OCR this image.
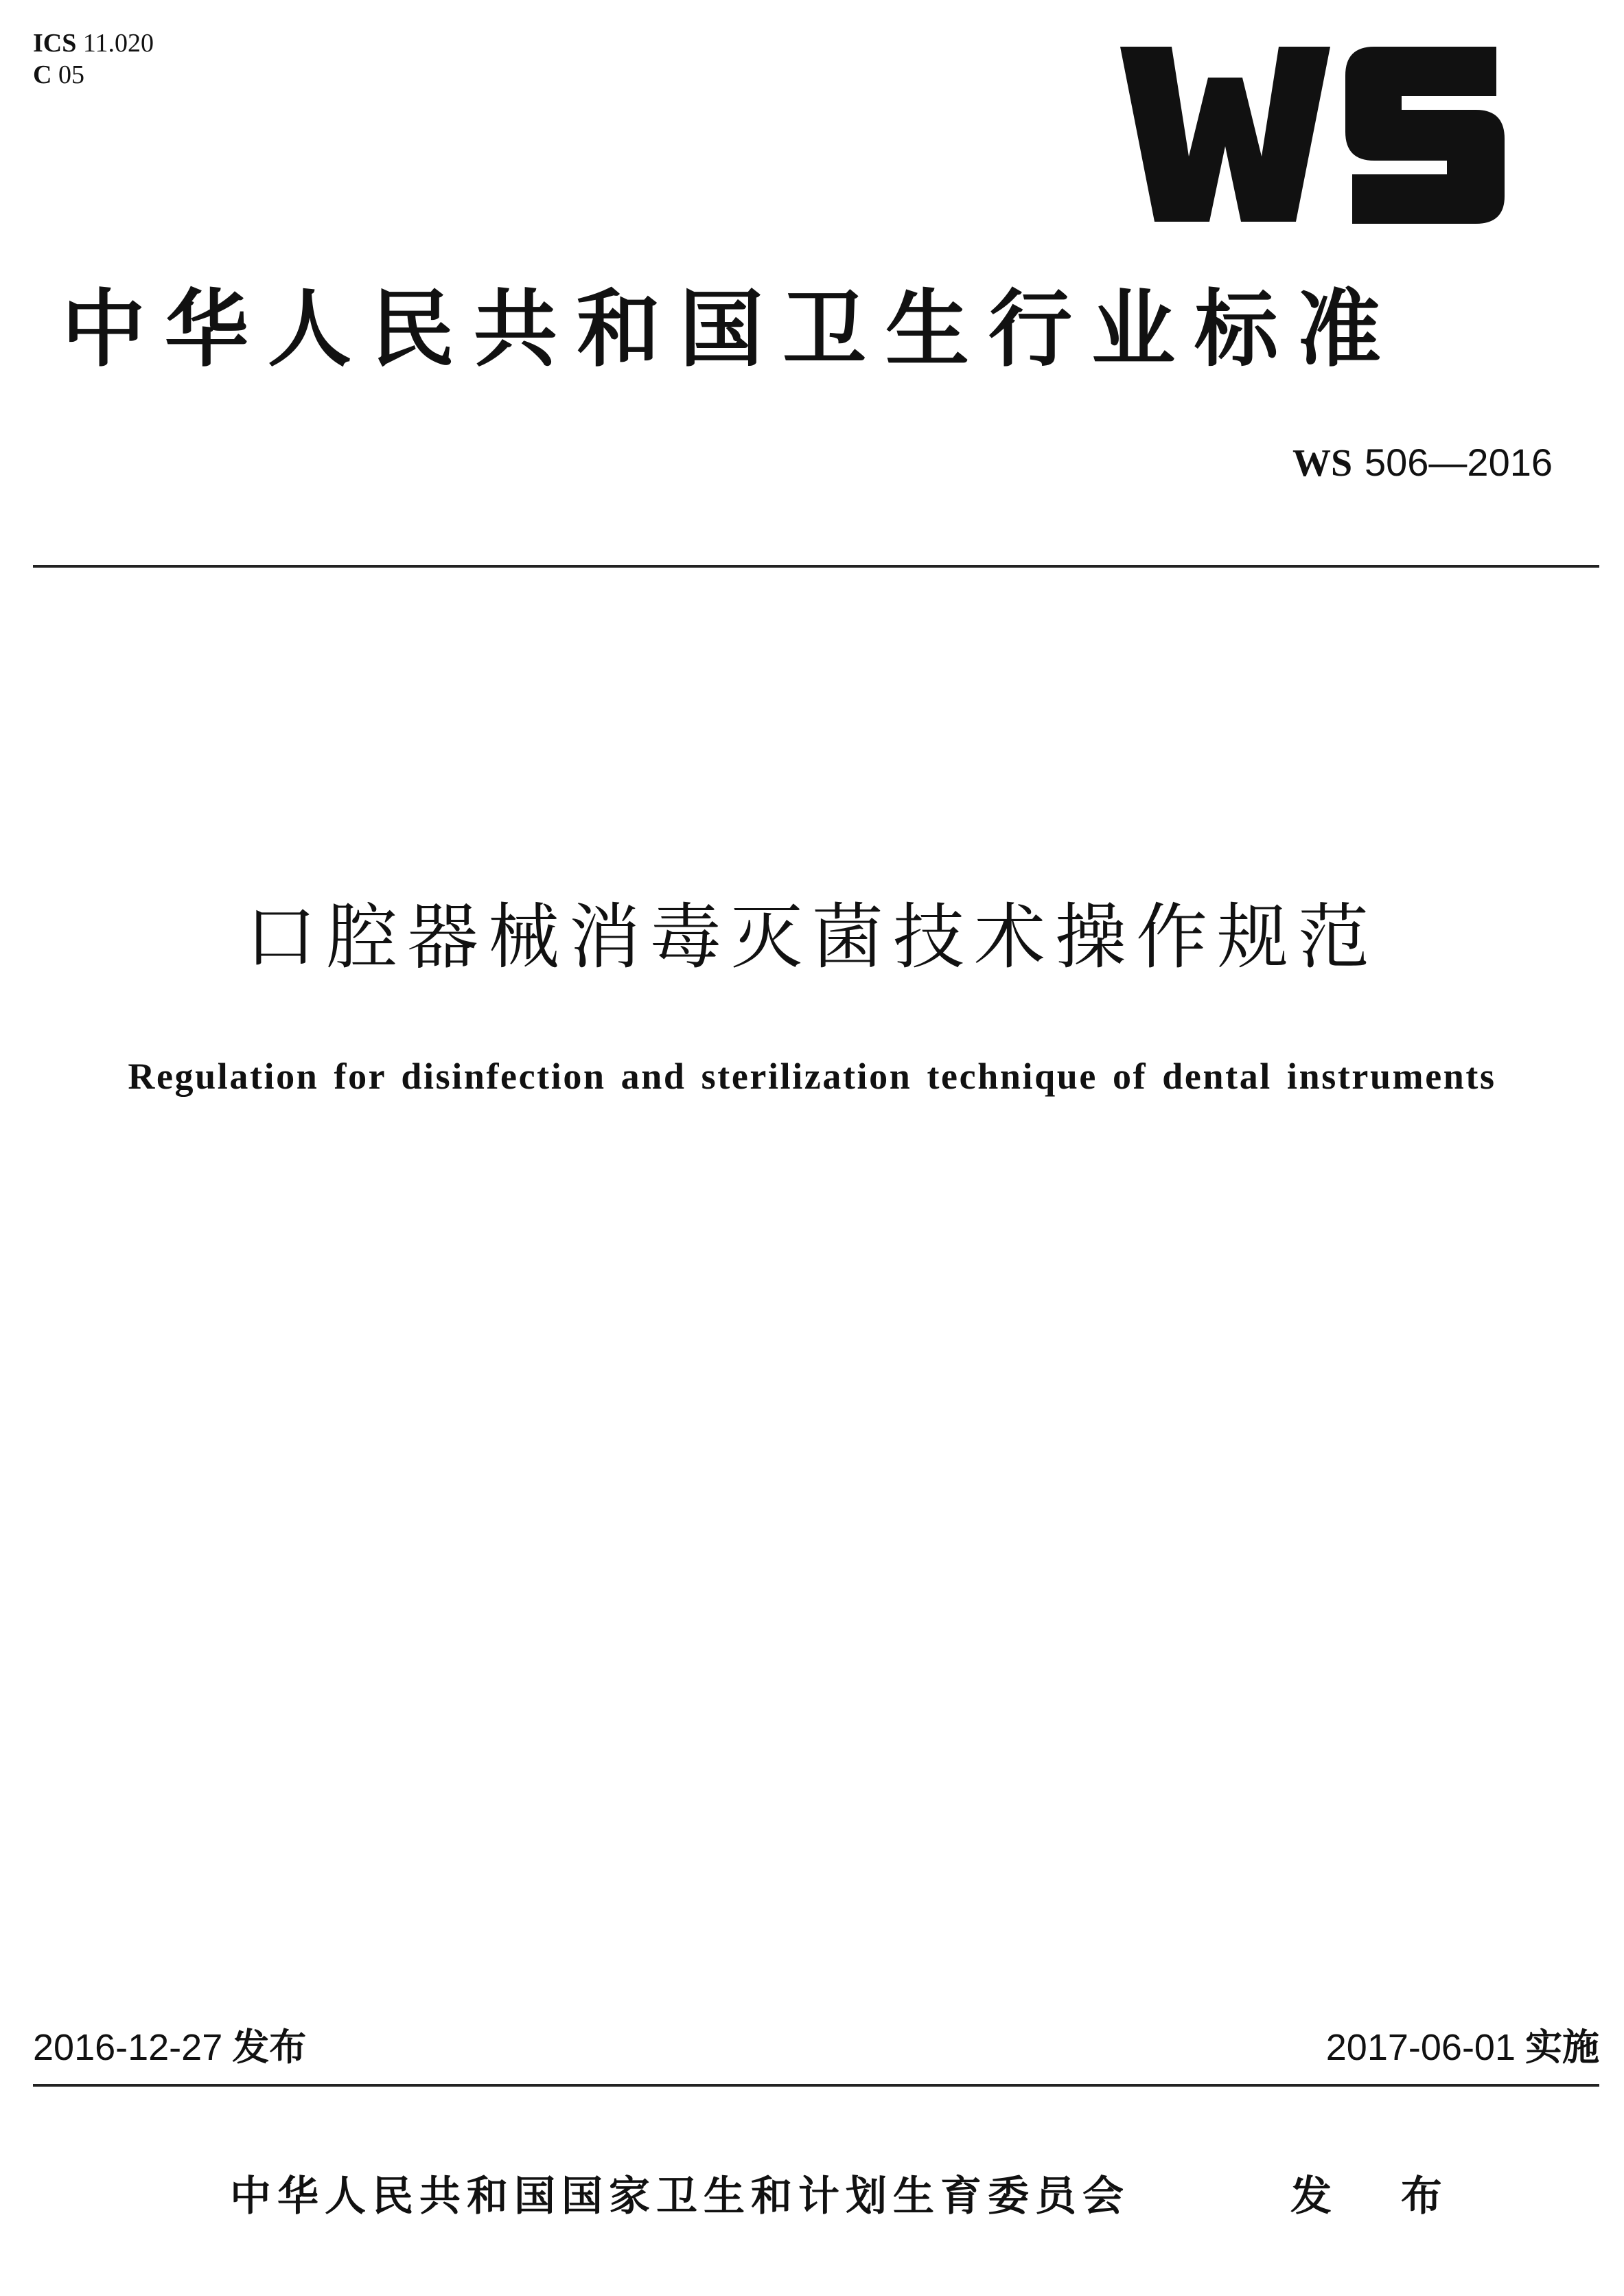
ICS 11.020
C 05
WS
中华人民共和国卫生行业标准
WS 506—2016
口腔器械消毒灭菌技术操作规范
Regulation for disinfection and sterilization technique of dental instruments
2016-12-27 发布	2017-06-01 实施
中华人民共和国国家卫生和计划生育委员会	发 布
